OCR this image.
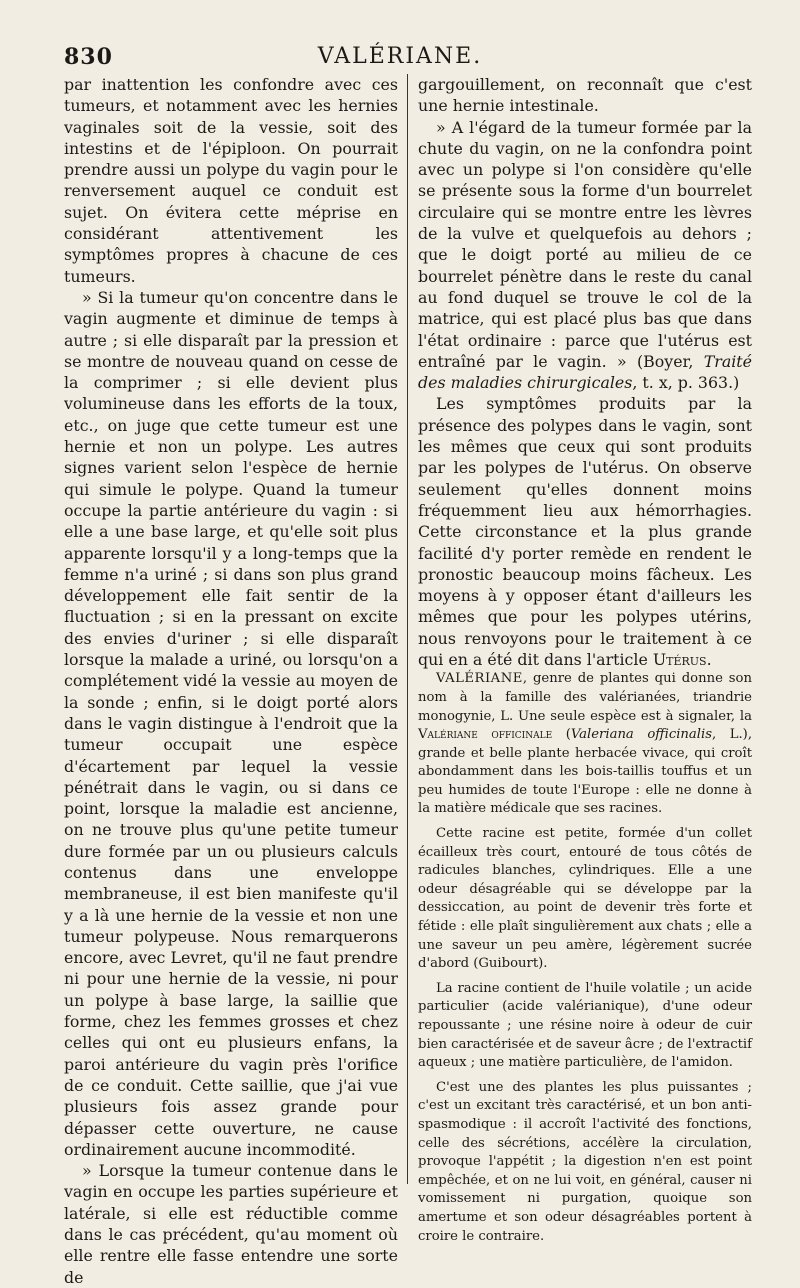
830	VALÉRIANE.

par inattention les confondre avec ces tumeurs, et notamment avec les hernies vaginales soit de la vessie, soit des intestins et de l'épiploon. On pourrait prendre aussi un polype du vagin pour le renversement auquel ce conduit est sujet. On évitera cette méprise en considérant attentivement les symptômes propres à chacune de ces tumeurs.

» Si la tumeur qu'on concentre dans le vagin augmente et diminue de temps à autre ; si elle disparaît par la pression et se montre de nouveau quand on cesse de la comprimer ; si elle devient plus volumineuse dans les efforts de la toux, etc., on juge que cette tumeur est une hernie et non un polype. Les autres signes varient selon l'espèce de hernie qui simule le polype. Quand la tumeur occupe la partie antérieure du vagin : si elle a une base large, et qu'elle soit plus apparente lorsqu'il y a long-temps que la femme n'a uriné ; si dans son plus grand développement elle fait sentir de la fluctuation ; si en la pressant on excite des envies d'uriner ; si elle disparaît lorsque la malade a uriné, ou lorsqu'on a complétement vidé la vessie au moyen de la sonde ; enfin, si le doigt porté alors dans le vagin distingue à l'endroit que la tumeur occupait une espèce d'écartement par lequel la vessie pénétrait dans le vagin, ou si dans ce point, lorsque la maladie est ancienne, on ne trouve plus qu'une petite tumeur dure formée par un ou plusieurs calculs contenus dans une enveloppe membraneuse, il est bien manifeste qu'il y a là une hernie de la vessie et non une tumeur polypeuse. Nous remarquerons encore, avec Levret, qu'il ne faut prendre ni pour une hernie de la vessie, ni pour un polype à base large, la saillie que forme, chez les femmes grosses et chez celles qui ont eu plusieurs enfans, la paroi antérieure du vagin près l'orifice de ce conduit. Cette saillie, que j'ai vue plusieurs fois assez grande pour dépasser cette ouverture, ne cause ordinairement aucune incommodité.

» Lorsque la tumeur contenue dans le vagin en occupe les parties supérieure et latérale, si elle est réductible comme dans le cas précédent, qu'au moment où elle rentre elle fasse entendre une sorte de

gargouillement, on reconnaît que c'est une hernie intestinale.

» A l'égard de la tumeur formée par la chute du vagin, on ne la confondra point avec un polype si l'on considère qu'elle se présente sous la forme d'un bourrelet circulaire qui se montre entre les lèvres de la vulve et quelquefois au dehors ; que le doigt porté au milieu de ce bourrelet pénètre dans le reste du canal au fond duquel se trouve le col de la matrice, qui est placé plus bas que dans l'état ordinaire : parce que l'utérus est entraîné par le vagin. » (Boyer, Traité des maladies chirurgicales, t. x, p. 363.)

Les symptômes produits par la présence des polypes dans le vagin, sont les mêmes que ceux qui sont produits par les polypes de l'utérus. On observe seulement qu'elles donnent moins fréquemment lieu aux hémorrhagies. Cette circonstance et la plus grande facilité d'y porter remède en rendent le pronostic beaucoup moins fâcheux. Les moyens à y opposer étant d'ailleurs les mêmes que pour les polypes utérins, nous renvoyons pour le traitement à ce qui en a été dit dans l'article Utérus.

VALÉRIANE, genre de plantes qui donne son nom à la famille des valérianées, triandrie monogynie, L. Une seule espèce est à signaler, la Valériane officinale (Valeriana officinalis, L.), grande et belle plante herbacée vivace, qui croît abondamment dans les bois-taillis touffus et un peu humides de toute l'Europe : elle ne donne à la matière médicale que ses racines.

Cette racine est petite, formée d'un collet écailleux très court, entouré de tous côtés de radicules blanches, cylindriques. Elle a une odeur désagréable qui se développe par la dessiccation, au point de devenir très forte et fétide : elle plaît singulièrement aux chats ; elle a une saveur un peu amère, légèrement sucrée d'abord (Guibourt).

La racine contient de l'huile volatile ; un acide particulier (acide valérianique), d'une odeur repoussante ; une résine noire à odeur de cuir bien caractérisée et de saveur âcre ; de l'extractif aqueux ; une matière particulière, de l'amidon.

C'est une des plantes les plus puissantes ; c'est un excitant très caractérisé, et un bon anti-spasmodique : il accroît l'activité des fonctions, celle des sécrétions, accélère la circulation, provoque l'appétit ; la digestion n'en est point empêchée, et on ne lui voit, en général, causer ni vomissement ni purgation, quoique son amertume et son odeur désagréables portent à croire le contraire.
